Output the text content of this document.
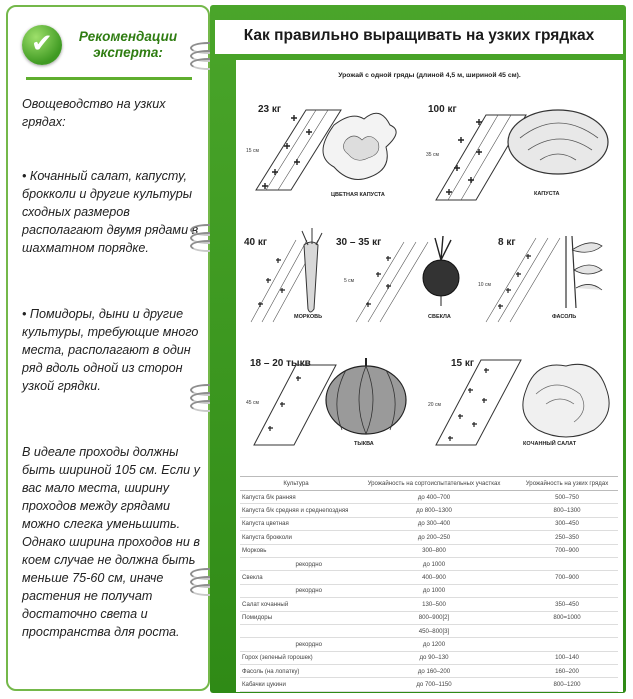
✔	Рекомендации
эксперта:
Овощеводство на узких грядах:
• Кочанный салат, капусту, брокколи и другие культуры сходных размеров располагают двумя рядами в шахматном порядке.
• Помидоры, дыни и другие культуры, требующие много места, располагают в один ряд вдоль одной из сторон узкой грядки.
В идеале проходы должны быть шириной 105 см. Если у вас мало места, ширину проходов между грядами можно слегка уменьшить. Однако ширина проходов ни в коем случае не должна быть меньше 75-60 см, иначе растения не получат достаточно света и пространства для роста.
Как правильно выращивать на узких грядках
Урожай с одной гряды (длиной 4,5 м, шириной 45 см).
23 кг
15 см
ЦВЕТНАЯ КАПУСТА
100 кг
35 см
КАПУСТА
40 кг
МОРКОВЬ
30 – 35 кг
5 см
СВЕКЛА
8 кг
10 см
ФАСОЛЬ
18 – 20 тыкв
45 см
ТЫКВА
15 кг
20 см
КОЧАННЫЙ САЛАТ
Культура	Урожайность на сортоиспытательных участках	Урожайность на узких грядах
Капуста б/к ранняя	до 400–700	500–750
Капуста б/к средняя и среднепоздняя	до 800–1300	800–1300
Капуста цветная	до 300–400	300–450
Капуста брокколи	до 200–250	250–350
Морковь	300–800	700–900
рекордно	до 1000	
Свекла	400–900	700–900
рекордно	до 1000	
Салат кочанный	130–500	350–450
Помидоры	800–900[2]	800=1000
	450–800[3]	
рекордно	до 1200	
Горох (зеленый горошек)	до 90–130	100–140
Фасоль (на лопатку)	до 160–200	160–200
Кабачки цукини	до 700–1150	800–1200
